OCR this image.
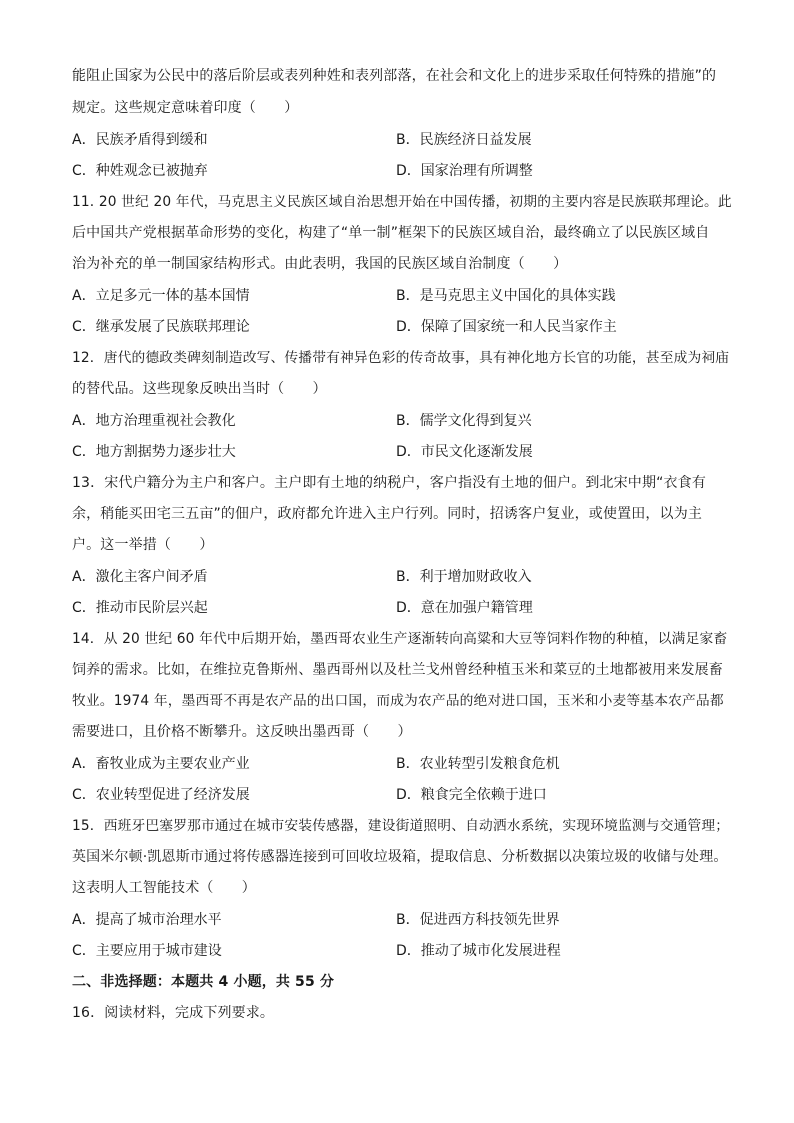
能阻止国家为公民中的落后阶层或表列种姓和表列部落，在社会和文化上的进步采取任何特殊的措施”的
规定。这些规定意味着印度（　　）
A．民族矛盾得到缓和	B．民族经济日益发展
C．种姓观念已被抛弃	D．国家治理有所调整
11. 20 世纪 20 年代，马克思主义民族区域自治思想开始在中国传播，初期的主要内容是民族联邦理论。此
后中国共产党根据革命形势的变化，构建了“单一制”框架下的民族区域自治，最终确立了以民族区域自
治为补充的单一制国家结构形式。由此表明，我国的民族区域自治制度（　　）
A．立足多元一体的基本国情	B．是马克思主义中国化的具体实践
C．继承发展了民族联邦理论	D．保障了国家统一和人民当家作主
12．唐代的德政类碑刻制造改写、传播带有神异色彩的传奇故事，具有神化地方长官的功能，甚至成为祠庙
的替代品。这些现象反映出当时（　　）
A．地方治理重视社会教化	B．儒学文化得到复兴
C．地方割据势力逐步壮大	D．市民文化逐渐发展
13．宋代户籍分为主户和客户。主户即有土地的纳税户，客户指没有土地的佃户。到北宋中期“衣食有
余，稍能买田宅三五亩”的佃户，政府都允许进入主户行列。同时，招诱客户复业，或使置田，以为主
户。这一举措（　　）
A．激化主客户间矛盾	B．利于增加财政收入
C．推动市民阶层兴起	D．意在加强户籍管理
14．从 20 世纪 60 年代中后期开始，墨西哥农业生产逐渐转向高粱和大豆等饲料作物的种植，以满足家畜
饲养的需求。比如，在维拉克鲁斯州、墨西哥州以及杜兰戈州曾经种植玉米和菜豆的土地都被用来发展畜
牧业。1974 年，墨西哥不再是农产品的出口国，而成为农产品的绝对进口国，玉米和小麦等基本农产品都
需要进口，且价格不断攀升。这反映出墨西哥（　　）
A．畜牧业成为主要农业产业	B．农业转型引发粮食危机
C．农业转型促进了经济发展	D．粮食完全依赖于进口
15．西班牙巴塞罗那市通过在城市安装传感器，建设街道照明、自动洒水系统，实现环境监测与交通管理；
英国米尔顿·凯恩斯市通过将传感器连接到可回收垃圾箱，提取信息、分析数据以决策垃圾的收储与处理。
这表明人工智能技术（　　）
A．提高了城市治理水平	B．促进西方科技领先世界
C．主要应用于城市建设	D．推动了城市化发展进程
二、非选择题：本题共 4 小题，共 55 分
16．阅读材料，完成下列要求。
